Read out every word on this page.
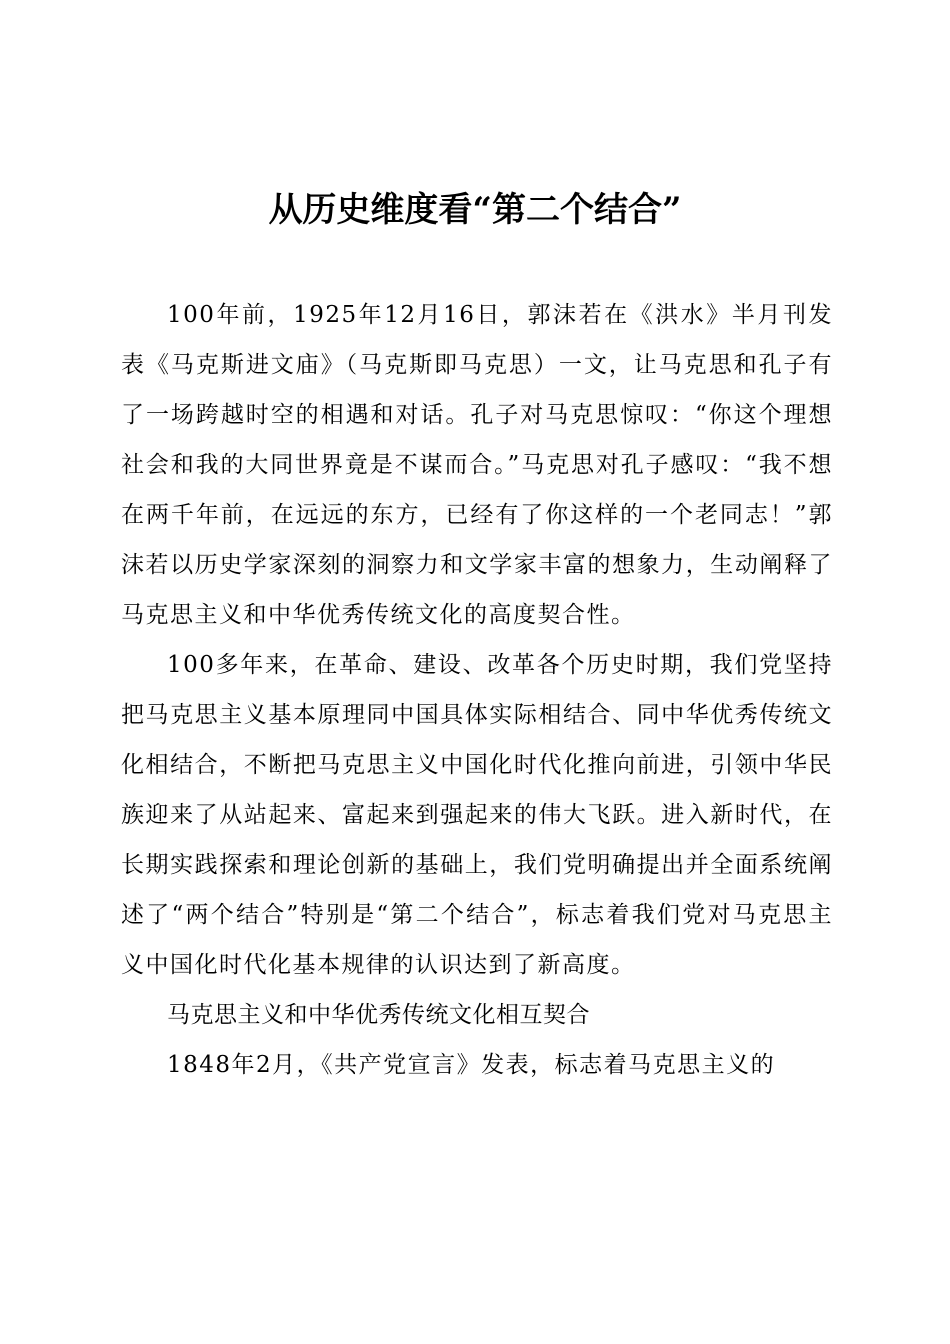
从历史维度看“第二个结合”

100年前，1925年12月16日，郭沫若在《洪水》半月刊发表《马克斯进文庙》（马克斯即马克思）一文，让马克思和孔子有了一场跨越时空的相遇和对话。孔子对马克思惊叹：“你这个理想社会和我的大同世界竟是不谋而合。”马克思对孔子感叹：“我不想在两千年前，在远远的东方，已经有了你这样的一个老同志！”郭沫若以历史学家深刻的洞察力和文学家丰富的想象力，生动阐释了马克思主义和中华优秀传统文化的高度契合性。

100多年来，在革命、建设、改革各个历史时期，我们党坚持把马克思主义基本原理同中国具体实际相结合、同中华优秀传统文化相结合，不断把马克思主义中国化时代化推向前进，引领中华民族迎来了从站起来、富起来到强起来的伟大飞跃。进入新时代，在长期实践探索和理论创新的基础上，我们党明确提出并全面系统阐述了“两个结合”特别是“第二个结合”，标志着我们党对马克思主义中国化时代化基本规律的认识达到了新高度。

马克思主义和中华优秀传统文化相互契合

1848年2月，《共产党宣言》发表，标志着马克思主义的
